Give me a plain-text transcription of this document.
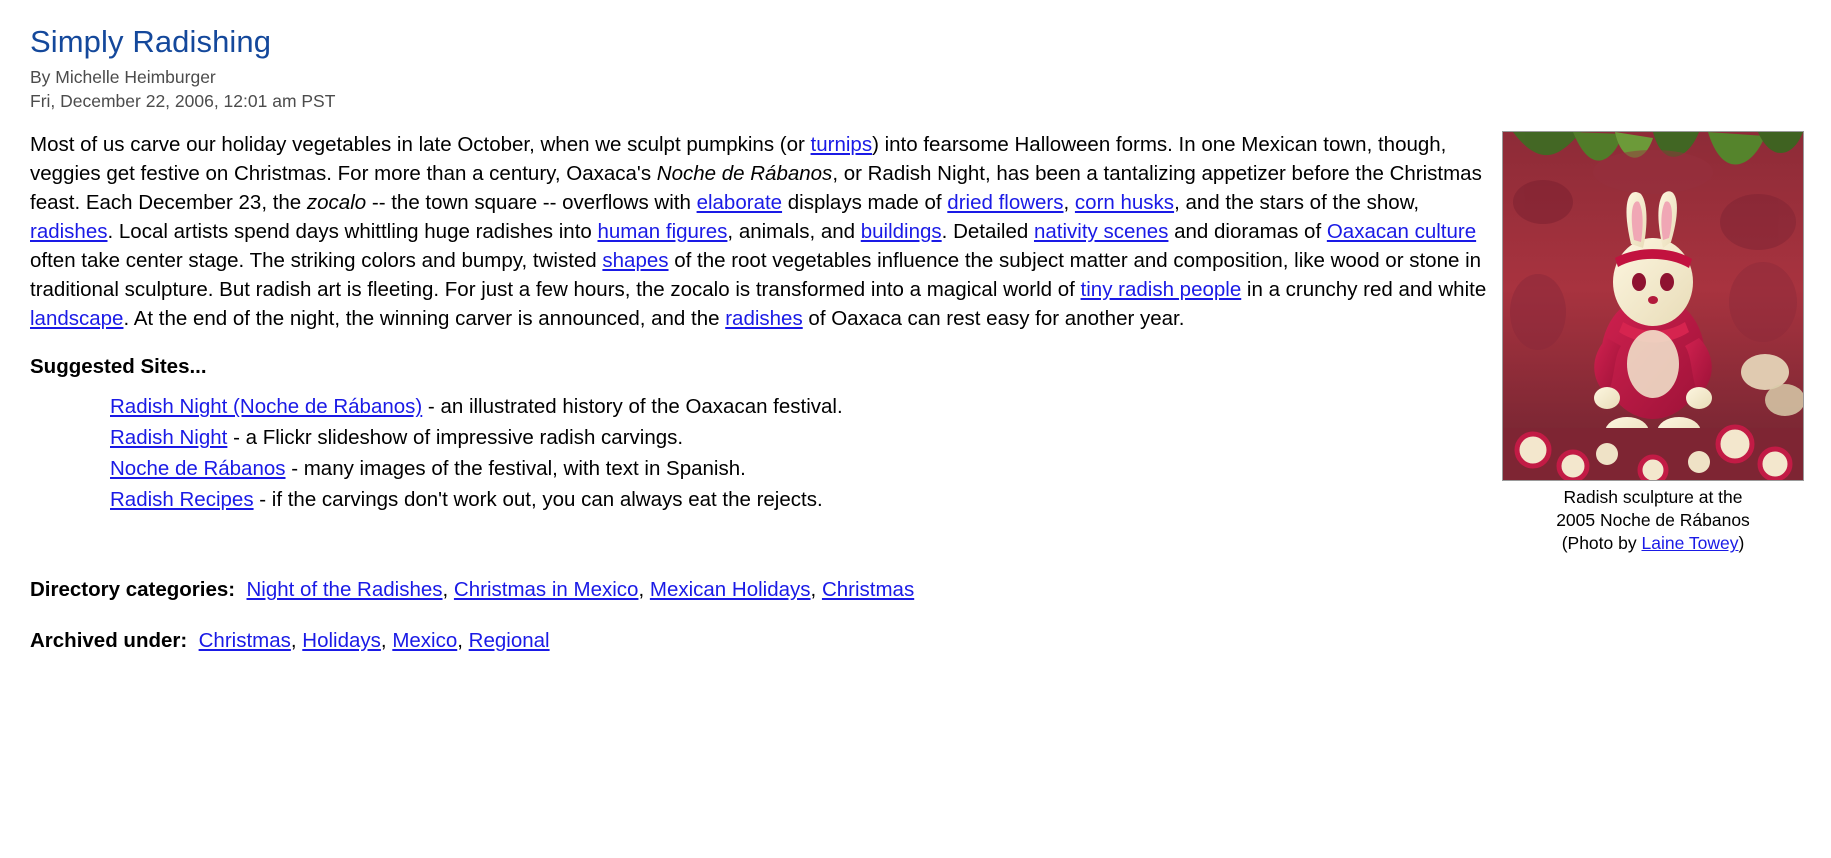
Simply Radishing
By Michelle Heimburger
Fri, December 22, 2006, 12:01 am PST

Most of us carve our holiday vegetables in late October, when we sculpt pumpkins (or turnips) into fearsome Halloween forms. In one Mexican town, though, veggies get festive on Christmas. For more than a century, Oaxaca's Noche de Rábanos, or Radish Night, has been a tantalizing appetizer before the Christmas feast. Each December 23, the zocalo -- the town square -- overflows with elaborate displays made of dried flowers, corn husks, and the stars of the show, radishes. Local artists spend days whittling huge radishes into human figures, animals, and buildings. Detailed nativity scenes and dioramas of Oaxacan culture often take center stage. The striking colors and bumpy, twisted shapes of the root vegetables influence the subject matter and composition, like wood or stone in traditional sculpture. But radish art is fleeting. For just a few hours, the zocalo is transformed into a magical world of tiny radish people in a crunchy red and white landscape. At the end of the night, the winning carver is announced, and the radishes of Oaxaca can rest easy for another year.

Suggested Sites...
Radish Night (Noche de Rábanos) - an illustrated history of the Oaxacan festival.
Radish Night - a Flickr slideshow of impressive radish carvings.
Noche de Rábanos - many images of the festival, with text in Spanish.
Radish Recipes - if the carvings don't work out, you can always eat the rejects.
Directory categories: Night of the Radishes, Christmas in Mexico, Mexican Holidays, Christmas
Archived under: Christmas, Holidays, Mexico, Regional
Radish sculpture at the
2005 Noche de Rábanos
(Photo by Laine Towey)
